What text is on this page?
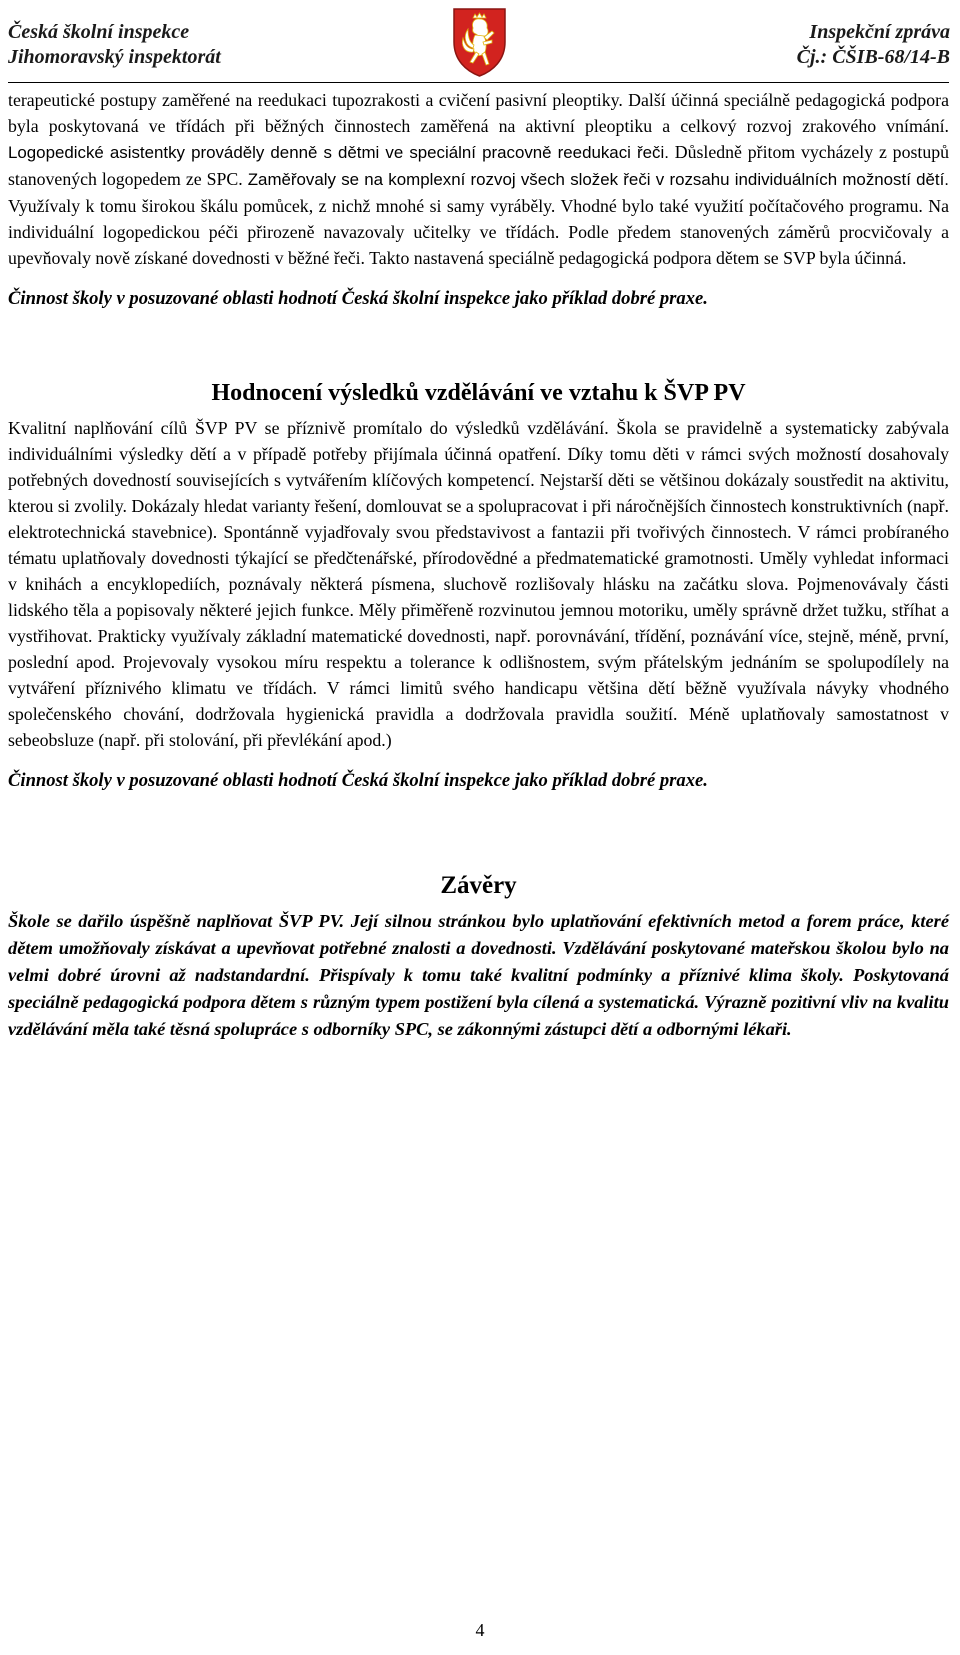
Česká školní inspekce
Jihomoravský inspektorát
Inspekční zpráva
Čj.: ČŠIB-68/14-B

terapeutické postupy zaměřené na reedukaci tupozrakosti a cvičení pasivní pleoptiky. Další účinná speciálně pedagogická podpora byla poskytovaná ve třídách při běžných činnostech zaměřená na aktivní pleoptiku a celkový rozvoj zrakového vnímání. Logopedické asistentky prováděly denně s dětmi ve speciální pracovně reedukaci řeči. Důsledně přitom vycházely z postupů stanovených logopedem ze SPC. Zaměřovaly se na komplexní rozvoj všech složek řeči v rozsahu individuálních možností dětí. Využívaly k tomu širokou škálu pomůcek, z nichž mnohé si samy vyráběly. Vhodné bylo také využití počítačového programu. Na individuální logopedickou péči přirozeně navazovaly učitelky ve třídách. Podle předem stanovených záměrů procvičovaly a upevňovaly nově získané dovednosti v běžné řeči. Takto nastavená speciálně pedagogická podpora dětem se SVP byla účinná.

Činnost školy v posuzované oblasti hodnotí Česká školní inspekce jako příklad dobré praxe.

Hodnocení výsledků vzdělávání ve vztahu k ŠVP PV

Kvalitní naplňování cílů ŠVP PV se příznivě promítalo do výsledků vzdělávání. Škola se pravidelně a systematicky zabývala individuálními výsledky dětí a v případě potřeby přijímala účinná opatření. Díky tomu děti v rámci svých možností dosahovaly potřebných dovedností souvisejících s vytvářením klíčových kompetencí. Nejstarší děti se většinou dokázaly soustředit na aktivitu, kterou si zvolily. Dokázaly hledat varianty řešení, domlouvat se a spolupracovat i při náročnějších činnostech konstruktivních (např. elektrotechnická stavebnice). Spontánně vyjadřovaly svou představivost a fantazii při tvořivých činnostech. V rámci probíraného tématu uplatňovaly dovednosti týkající se předčtenářské, přírodovědné a předmatematické gramotnosti. Uměly vyhledat informaci v knihách a encyklopediích, poznávaly některá písmena, sluchově rozlišovaly hlásku na začátku slova. Pojmenovávaly části lidského těla a popisovaly některé jejich funkce. Měly přiměřeně rozvinutou jemnou motoriku, uměly správně držet tužku, stříhat a vystřihovat. Prakticky využívaly základní matematické dovednosti, např. porovnávání, třídění, poznávání více, stejně, méně, první, poslední apod. Projevovaly vysokou míru respektu a tolerance k odlišnostem, svým přátelským jednáním se spolupodílely na vytváření příznivého klimatu ve třídách. V rámci limitů svého handicapu většina dětí běžně využívala návyky vhodného společenského chování, dodržovala hygienická pravidla a dodržovala pravidla soužití. Méně uplatňovaly samostatnost v sebeobsluze (např. při stolování, při převlékání apod.)

Činnost školy v posuzované oblasti hodnotí Česká školní inspekce jako příklad dobré praxe.

Závěry

Škole se dařilo úspěšně naplňovat ŠVP PV. Její silnou stránkou bylo uplatňování efektivních metod a forem práce, které dětem umožňovaly získávat a upevňovat potřebné znalosti a dovednosti. Vzdělávání poskytované mateřskou školou bylo na velmi dobré úrovni až nadstandardní. Přispívaly k tomu také kvalitní podmínky a příznivé klima školy. Poskytovaná speciálně pedagogická podpora dětem s různým typem postižení byla cílená a systematická. Výrazně pozitivní vliv na kvalitu vzdělávání měla také těsná spolupráce s odborníky SPC, se zákonnými zástupci dětí a odbornými lékaři.

4
